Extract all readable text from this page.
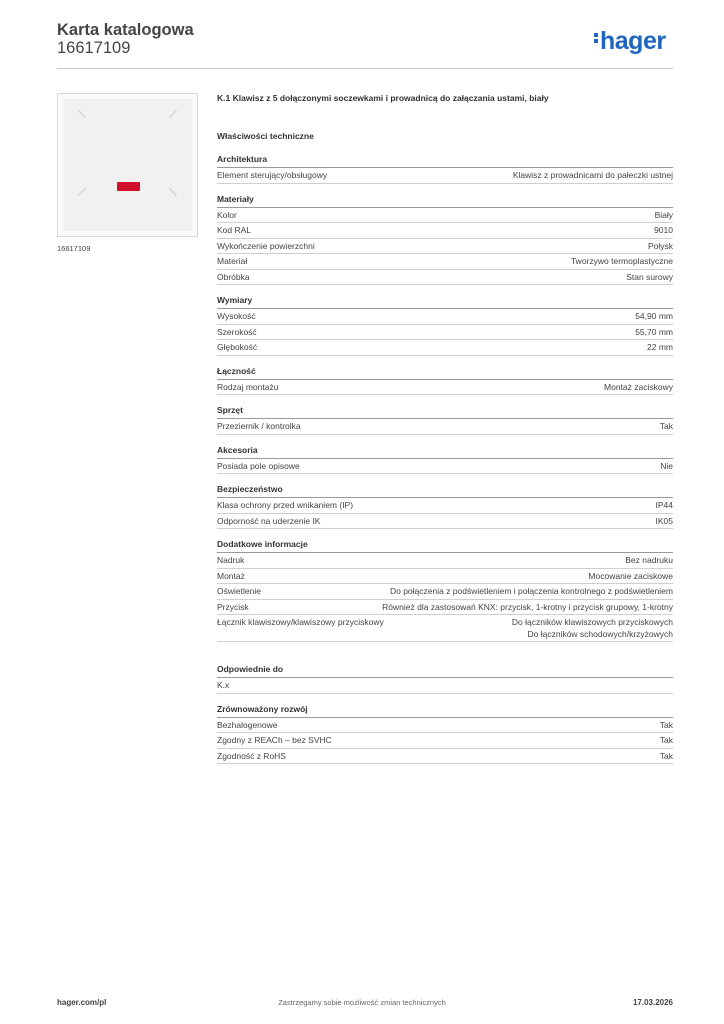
Karta katalogowa
16617109	hager
16617109
K.1 Klawisz z 5 dołączonymi soczewkami i prowadnicą do załączania ustami, biały
Właściwości techniczne
Architektura
Element sterujący/obsługowy	Klawisz z prowadnicami do pałeczki ustnej
Materiały
Kolor	Biały
Kod RAL	9010
Wykończenie powierzchni	Połysk
Materiał	Tworzywo termoplastyczne
Obróbka	Stan surowy
Wymiary
Wysokość	54,90 mm
Szerokość	55,70 mm
Głębokość	22 mm
Łączność
Rodzaj montażu	Montaż zaciskowy
Sprzęt
Przeziernik / kontrolka	Tak
Akcesoria
Posiada pole opisowe	Nie
Bezpieczeństwo
Klasa ochrony przed wnikaniem (IP)	IP44
Odporność na uderzenie IK	IK05
Dodatkowe informacje
Nadruk	Bez nadruku
Montaż	Mocowanie zaciskowe
Oświetlenie	Do połączenia z podświetleniem i połączenia kontrolnego z podświetleniem
Przycisk	Również dla zastosowań KNX: przycisk, 1-krotny i przycisk grupowy, 1-krotny
Łącznik klawiszowy/klawiszowy przyciskowy	Do łączników klawiszowych przyciskowych
Do łączników schodowych/krzyżowych
Odpowiednie do
K.x
Zrównoważony rozwój
Bezhalogenowe	Tak
Zgodny z REACh – bez SVHC	Tak
Zgodność z RoHS	Tak
hager.com/pl	Zastrzegamy sobie możliwość zmian technicznych	17.03.2026
